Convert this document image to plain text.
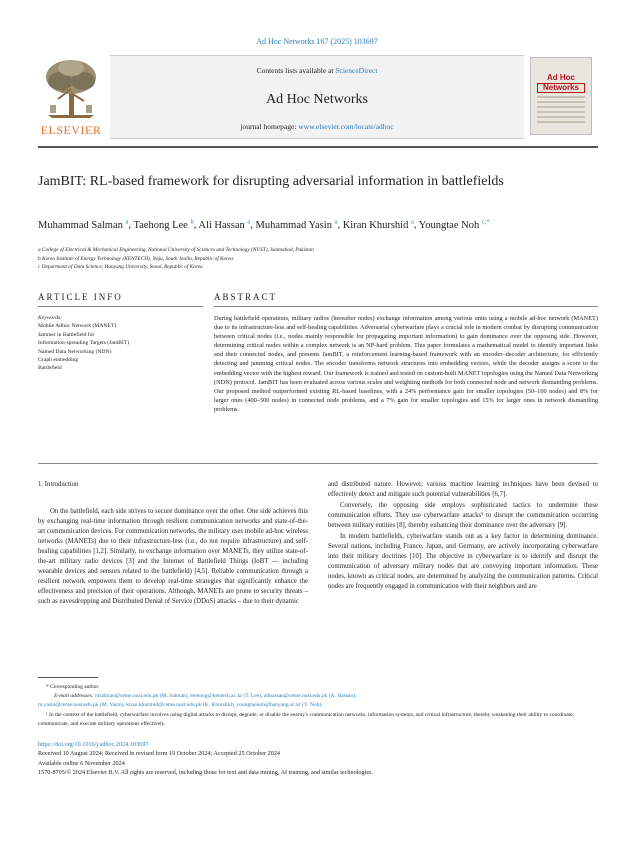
Ad Hoc Networks 167 (2025) 103697
ELSEVIER
Contents lists available at ScienceDirect
Ad Hoc Networks
journal homepage: www.elsevier.com/locate/adhoc
Ad Hoc
Networks
JamBIT: RL-based framework for disrupting adversarial information in battlefields
Muhammad Salman $^a$, Taehong Lee $^b$, Ali Hassan $^a$, Muhammad Yasin $^a$, Kiran Khurshid $^a$, Youngtae Noh $^{c,*}$
a College of Electrical & Mechanical Engineering, National University of Sciences and Technology (NUST), Islamabad, Pakistan
b Korea Institute of Energy Technology (KENTECH), Naju, South Jeolla, Republic of Korea
c Department of Data Science, Hanyang University, Seoul, Republic of Korea
ARTICLE INFO	ABSTRACT
Keywords:
Mobile Adhoc Network (MANET)
Jammer in Battlefield for
Information-spreading Targets (JamBIT)
Named Data Networking (NDN)
Graph embedding
Battlefield
During battlefield operations, military radios (hereafter nodes) exchange information among various units using a mobile ad-hoc network (MANET) due to its infrastructure-less and self-healing capabilities. Adversarial cyberwarfare plays a crucial role in modern combat by disrupting communication between critical nodes (i.e., nodes mainly responsible for propagating important information) to gain dominance over the opposing side. However, determining critical nodes within a complex network is an NP-hard problem. This paper formulates a mathematical model to identify important links and their connected nodes, and presents JamBIT, a reinforcement learning-based framework with an encoder–decoder architecture, for efficiently detecting and jamming critical nodes. The encoder transforms network structures into embedding vectors, while the decoder assigns a score to the embedding vector with the highest reward. Our framework is trained and tested on custom-built MANET topologies using the Named Data Networking (NDN) protocol. JamBIT has been evaluated across various scales and weighting methods for both connected node and network dismantling problems. Our proposed method outperformed existing RL-based baselines, with a 24% performance gain for smaller topologies (50–100 nodes) and 8% for larger ones (400–500 nodes) in connected node problems, and a 7% gain for smaller topologies and 15% for larger ones in network dismantling problems.
1. Introduction

On the battlefield, each side strives to secure dominance over the other. One side achieves this by exchanging real-time information through resilient communication networks and state-of-the-art communication devices. For communication networks, the military uses mobile ad-hoc wireless networks (MANETs) due to their infrastructure-less (i.e., do not require infrastructure) and self-healing capabilities [1,2]. Similarly, to exchange information over MANETs, they utilize state-of-the-art military radio devices [3] and the Internet of Battlefield Things (IoBT — including wearable devices and sensors related to the battlefield) [4,5]. Reliable communication through a resilient network empowers them to develop real-time strategies that significantly enhance the effectiveness and precision of their operations. Although, MANETs are prone to security threats – such as eavesdropping and Distributed Denial of Service (DDoS) attacks – due to their dynamic

and distributed nature. However, various machine learning techniques have been devised to effectively detect and mitigate such potential vulnerabilities [6,7].

Conversely, the opposing side employs sophisticated tactics to undermine these communication efforts. They use cyberwarfare attacks¹ to disrupt the communication occurring between military entities [8], thereby enhancing their dominance over the adversary [9].

In modern battlefields, cyberwarfare stands out as a key factor in determining dominance. Several nations, including France, Japan, and Germany, are actively incorporating cyberwarfare into their military doctrines [10]. The objective in cyberwarfare is to identify and disrupt the communication of adversary military nodes that are conveying important information. These nodes, known as critical nodes, are determined by analyzing the communication patterns. Critical nodes are frequently engaged in communication with their neighbors and are

* Corresponding author.
E-mail addresses: msalman@ceme.nust.edu.pk (M. Salman), etehong@kentech.ac.kr (T. Lee), alihassan@ceme.nust.edu.pk (A. Hassan),
m.yasin@ceme.nust.edu.pk (M. Yasin), kiran.khurshid@ceme.nust.edu.pk (K. Khurshid), youngtaenoh@hanyang.ac.kr (Y. Noh).
¹ In the context of the battlefield, cyberwarfare involves using digital attacks to disrupt, degrade, or disable the enemy's communication networks, information systems, and critical infrastructure, thereby weakening their ability to coordinate, communicate, and execute military operations effectively.
https://doi.org/10.1016/j.adhoc.2024.103697
Received 10 August 2024; Received in revised form 19 October 2024; Accepted 25 October 2024
Available online 6 November 2024
1570-8705/© 2024 Elsevier B.V. All rights are reserved, including those for text and data mining, AI training, and similar technologies.
